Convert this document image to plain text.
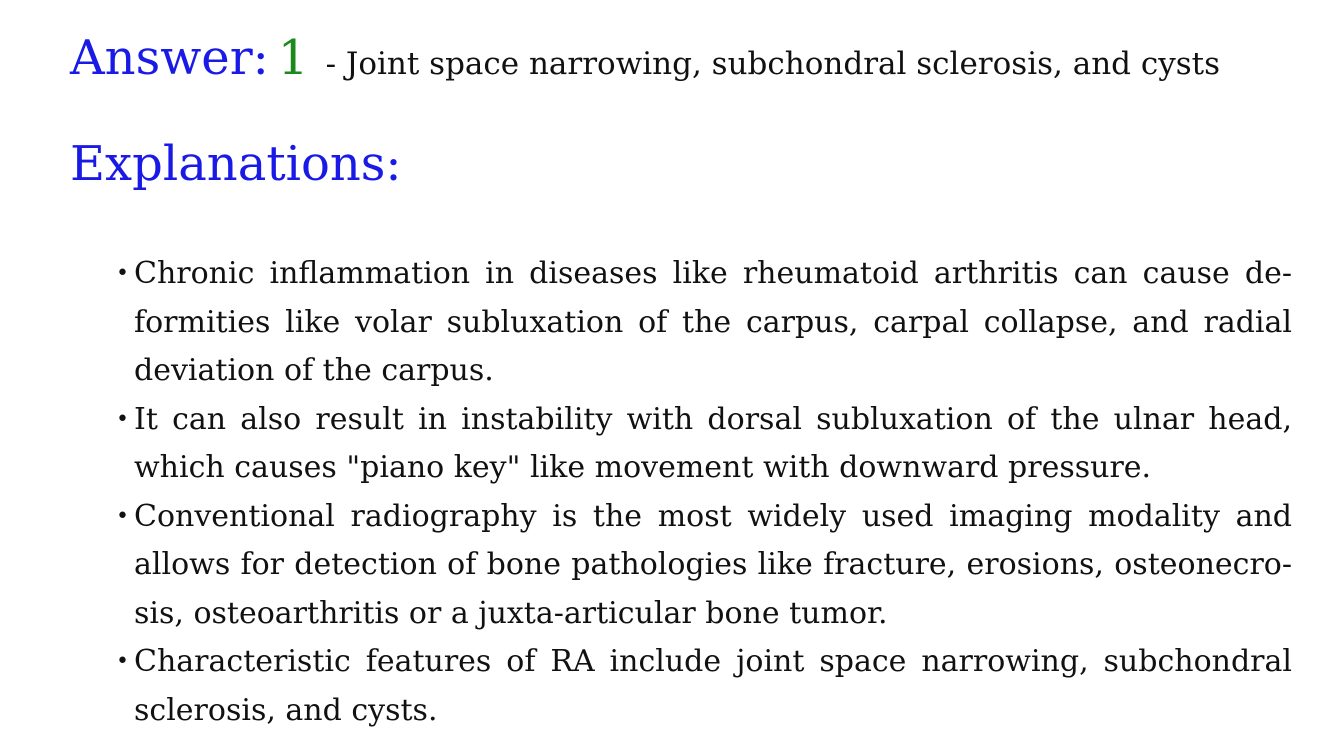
Answer: 1 - Joint space narrowing, subchondral sclerosis, and cysts
Explanations:
• Chronic inflammation in diseases like rheumatoid arthritis can cause deformities like volar subluxation of the carpus, carpal collapse, and radial deviation of the carpus.
• It can also result in instability with dorsal subluxation of the ulnar head, which causes "piano key" like movement with downward pressure.
• Conventional radiography is the most widely used imaging modality and allows for detection of bone pathologies like fracture, erosions, osteonecrosis, osteoarthritis or a juxta-articular bone tumor.
• Characteristic features of RA include joint space narrowing, subchondral sclerosis, and cysts.
